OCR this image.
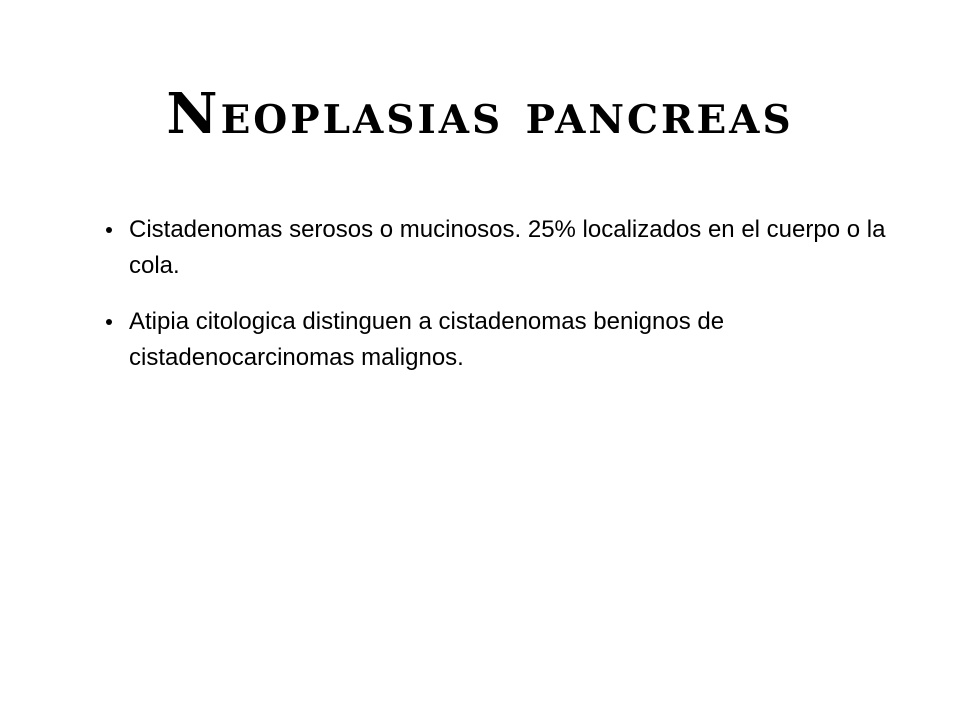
Neoplasias pancreas
Cistadenomas serosos o mucinosos. 25% localizados en el cuerpo o la cola.
Atipia citologica distinguen a cistadenomas benignos de cistadenocarcinomas malignos.
